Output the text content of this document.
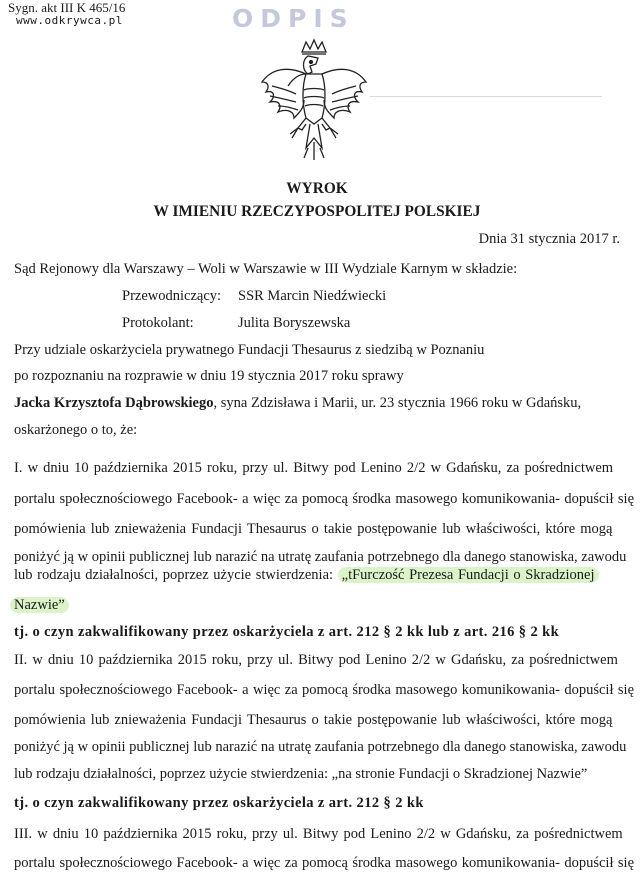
Sygn. akt III K 465/16
www.odkrywca.pl	ODPIS
WYROK
W IMIENIU RZECZYPOSPOLITEJ POLSKIEJ
Dnia 31 stycznia 2017 r.
Sąd Rejonowy dla Warszawy – Woli w Warszawie w III Wydziale Karnym w składzie:
Przewodniczący: SSR Marcin Niedźwiecki
Protokolant:	Julita Boryszewska
Przy udziale oskarżyciela prywatnego Fundacji Thesaurus z siedzibą w Poznaniu
po rozpoznaniu na rozprawie w dniu 19 stycznia 2017 roku sprawy
Jacka Krzysztofa Dąbrowskiego, syna Zdzisława i Marii, ur. 23 stycznia 1966 roku w Gdańsku,
oskarżonego o to, że:
I. w dniu 10 października 2015 roku, przy ul. Bitwy pod Lenino 2/2 w Gdańsku, za pośrednictwem
portalu społecznościowego Facebook- a więc za pomocą środka masowego komunikowania- dopuścił się
pomówienia lub znieważenia Fundacji Thesaurus o takie postępowanie lub właściwości, które mogą
poniżyć ją w opinii publicznej lub narazić na utratę zaufania potrzebnego dla danego stanowiska, zawodu
lub rodzaju działalności, poprzez użycie stwierdzenia: „tFurczość Prezesa Fundacji o Skradzionej
Nazwie”
tj. o czyn zakwalifikowany przez oskarżyciela z art. 212 § 2 kk lub z art. 216 § 2 kk
II. w dniu 10 października 2015 roku, przy ul. Bitwy pod Lenino 2/2 w Gdańsku, za pośrednictwem
portalu społecznościowego Facebook- a więc za pomocą środka masowego komunikowania- dopuścił się
pomówienia lub znieważenia Fundacji Thesaurus o takie postępowanie lub właściwości, które mogą
poniżyć ją w opinii publicznej lub narazić na utratę zaufania potrzebnego dla danego stanowiska, zawodu
lub rodzaju działalności, poprzez użycie stwierdzenia: „na stronie Fundacji o Skradzionej Nazwie”
tj. o czyn zakwalifikowany przez oskarżyciela z art. 212 § 2 kk
III. w dniu 10 października 2015 roku, przy ul. Bitwy pod Lenino 2/2 w Gdańsku, za pośrednictwem
portalu społecznościowego Facebook- a więc za pomocą środka masowego komunikowania- dopuścił się
